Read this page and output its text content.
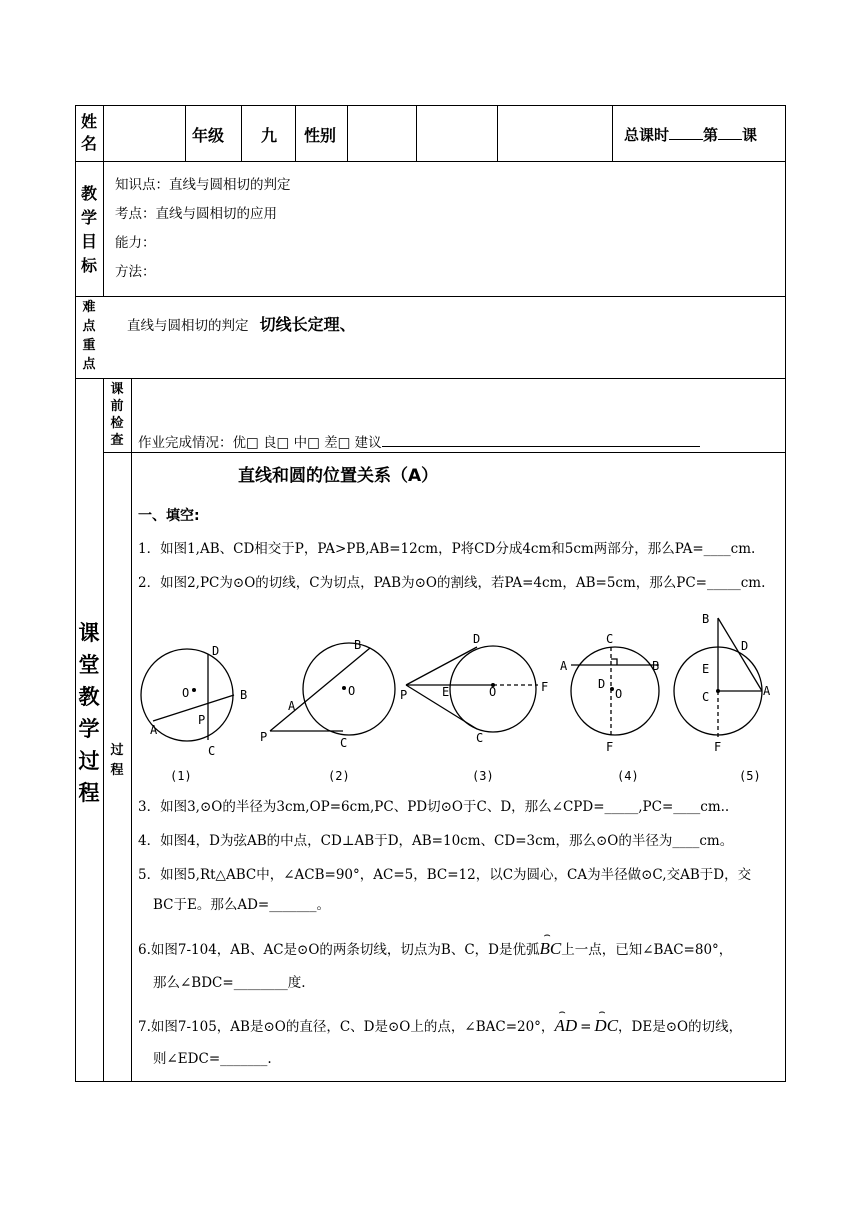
姓名	年级 九 性别	总课时 第 课
教学目标
知识点：直线与圆相切的判定
考点：直线与圆相切的应用
能力：
方法：
难点重点
直线与圆相切的判定 切线长定理、
课堂教学过程
课前检查 作业完成情况：优□ 良□ 中□ 差□ 建议
过程
直线和圆的位置关系（A）
一、填空:
1．如图1,AB、CD相交于P，PA>PB,AB=12cm，P将CD分成4cm和5cm两部分，那么PA=____cm.
2．如图2,PC为⊙O的切线，C为切点，PAB为⊙O的割线，若PA=4cm，AB=5cm，那么PC=_____cm.
D
O	B
A
P
C
B
O
A
P	C
D
P	E	O	F
C
C
A	B
D
O
F
B
D
E
C	A
F
(1)	(2)	(3)	(4)	(5)
3．如图3,⊙O的半径为3cm,OP=6cm,PC、PD切⊙O于C、D，那么∠CPD=_____,PC=____cm..
4．如图4，D为弦AB的中点，CD⊥AB于D，AB=10cm、CD=3cm，那么⊙O的半径为____cm。
5．如图5,Rt△ABC中，∠ACB=90°，AC=5，BC=12，以C为圆心，CA为半径做⊙C,交AB于D，交
BC于E。那么AD=_______。
6.如图7-104，AB、AC是⊙O的两条切线，切点为B、C，D是优弧
⌢
BC上一点，已知∠BAC=80°，
那么∠BDC=________度.
7.如图7-105，AB是⊙O的直径，C、D是⊙O上的点，∠BAC=20°，
⌢
AD =
⌢
DC，DE是⊙O的切线，
则∠EDC=_______.
